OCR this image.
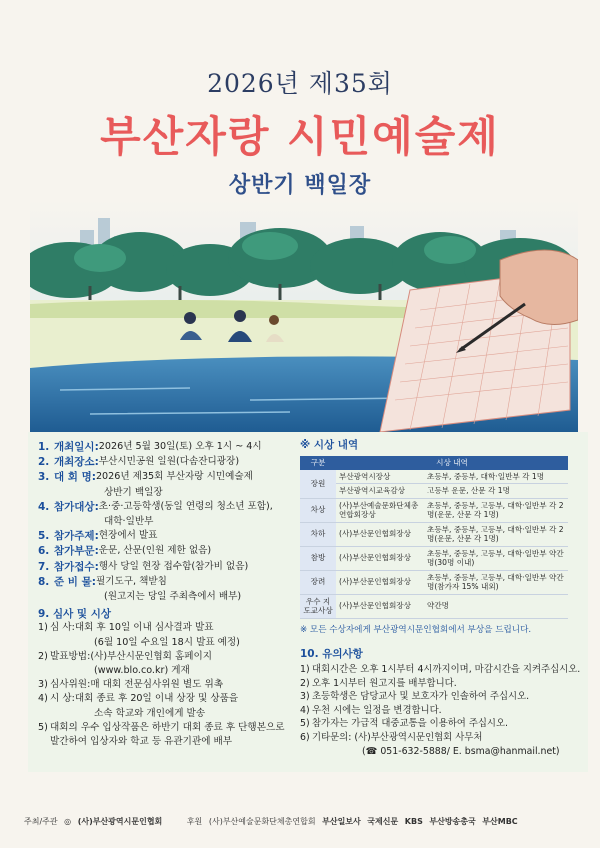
2026년 제35회
부산자랑 시민예술제
상반기 백일장
1. 개최일시: 2026년 5월 30일(토) 오후 1시 ~ 4시
2. 개최장소: 부산시민공원 일원(다솜잔디광장)
3. 대 회 명: 2026년 제35회 부산자랑 시민예술제
상반기 백일장
4. 참가대상: 초·중·고등학생(동일 연령의 청소년 포함),
대학·일반부
5. 참가주제: 현장에서 발표
6. 참가부문: 운문, 산문(인원 제한 없음)
7. 참가접수: 행사 당일 현장 접수함(참가비 없음)
8. 준 비 물: 필기도구, 책받침
(원고지는 당일 주최측에서 배부)
9. 심사 및 시상
1) 심 사: 대회 후 10일 이내 심사결과 발표
(6월 10일 수요일 18시 발표 예정)
2) 발표방법: (사)부산시문인협회 홈페이지
(www.blo.co.kr) 게재
3) 심사위원: 매 대회 전문심사위원 별도 위촉
4) 시 상: 대회 종료 후 20일 이내 상장 및 상품을
소속 학교와 개인에게 발송
5) 대회의 우수 입상작품은 하반기 대회 종료 후 단행본으로
발간하여 입상자와 학교 등 유관기관에 배부
※ 시상 내역
구분	시상 내역	
장원	부산광역시장상	초등부, 중등부, 대학·일반부 각 1명
	부산광역시교육감상	고등부 운문, 산문 각 1명
차상	(사)부산예술문화단체총연합회장상	초등부, 중등부, 고등부, 대학·일반부 각 2명(운문, 산문 각 1명)
차하	(사)부산문인협회장상	초등부, 중등부, 고등부, 대학·일반부 각 2명(운문, 산문 각 1명)
참방	(사)부산문인협회장상	초등부, 중등부, 고등부, 대학·일반부 약간명(30명 이내)
장려	(사)부산문인협회장상	초등부, 중등부, 고등부, 대학·일반부 약간명(참가자 15% 내외)
우수 지도교사상	(사)부산문인협회장상	약간명
※ 모든 수상자에게 부산광역시문인협회에서 부상을 드립니다.
10. 유의사항
1) 대회시간은 오후 1시부터 4시까지이며, 마감시간을 지켜주십시오.
2) 오후 1시부터 원고지를 배부합니다.
3) 초등학생은 담당교사 및 보호자가 인솔하여 주십시오.
4) 우천 시에는 일정을 변경합니다.
5) 참가자는 가급적 대중교통을 이용하여 주십시오.
6) 기타문의: (사)부산광역시문인협회 사무처
(☎ 051-632-5888/ E. bsma@hanmail.net)
주최/주관 ◎ (사)부산광역시문인협회	후원 (사)부산예술문화단체총연합회 부산일보사 국제신문 KBS 부산방송총국 부산MBC
